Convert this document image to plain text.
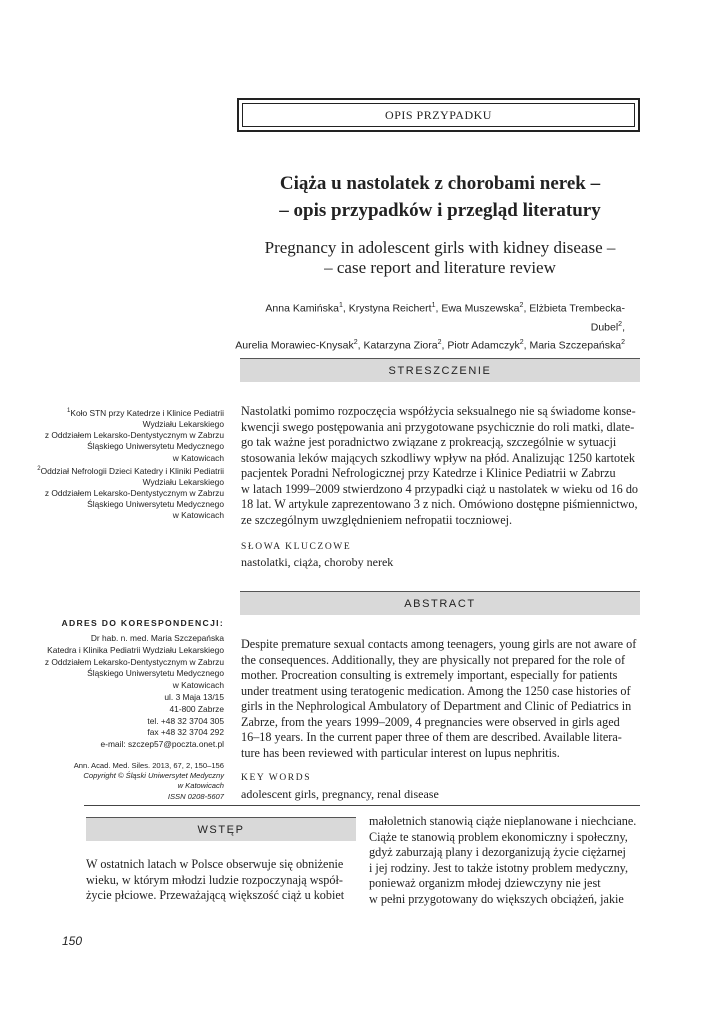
OPIS PRZYPADKU
Ciąża u nastolatek z chorobami nerek –
– opis przypadków i przegląd literatury
Pregnancy in adolescent girls with kidney disease –
– case report and literature review
Anna Kamińska$^1$, Krystyna Reichert$^1$, Ewa Muszewska$^2$, Elżbieta Trembecka-Dubel$^2$,
Aurelia Morawiec-Knysak$^2$, Katarzyna Ziora$^2$, Piotr Adamczyk$^2$, Maria Szczepańska$^2$
STRESZCZENIE
Nastolatki pomimo rozpoczęcia współżycia seksualnego nie są świadome konse-
kwencji swego postępowania ani przygotowane psychicznie do roli matki, dlate-
go tak ważne jest poradnictwo związane z prokreacją, szczególnie w sytuacji
stosowania leków mających szkodliwy wpływ na płód. Analizując 1250 kartotek
pacjentek Poradni Nefrologicznej przy Katedrze i Klinice Pediatrii w Zabrzu
w latach 1999–2009 stwierdzono 4 przypadki ciąż u nastolatek w wieku od 16 do
18 lat. W artykule zaprezentowano 3 z nich. Omówiono dostępne piśmiennictwo,
ze szczególnym uwzględnieniem nefropatii toczniowej.
SŁOWA KLUCZOWE
nastolatki, ciąża, choroby nerek
ABSTRACT
Despite premature sexual contacts among teenagers, young girls are not aware of
the consequences. Additionally, they are physically not prepared for the role of
mother. Procreation consulting is extremely important, especially for patients
under treatment using teratogenic medication. Among the 1250 case histories of
girls in the Nephrological Ambulatory of Department and Clinic of Pediatrics in
Zabrze, from the years 1999–2009, 4 pregnancies were observed in girls aged
16–18 years. In the current paper three of them are described. Available litera-
ture has been reviewed with particular interest on lupus nephritis.
KEY WORDS
adolescent girls, pregnancy, renal disease
$^1$Koło STN przy Katedrze i Klinice Pediatrii
Wydziału Lekarskiego
z Oddziałem Lekarsko-Dentystycznym w Zabrzu
Śląskiego Uniwersytetu Medycznego
w Katowicach
$^2$Oddział Nefrologii Dzieci Katedry i Kliniki Pediatrii
Wydziału Lekarskiego
z Oddziałem Lekarsko-Dentystycznym w Zabrzu
Śląskiego Uniwersytetu Medycznego
w Katowicach
ADRES DO KORESPONDENCJI:
Dr hab. n. med. Maria Szczepańska
Katedra i Klinika Pediatrii Wydziału Lekarskiego
z Oddziałem Lekarsko-Dentystycznym w Zabrzu
Śląskiego Uniwersytetu Medycznego
w Katowicach
ul. 3 Maja 13/15
41-800 Zabrze
tel. +48 32 3704 305
fax +48 32 3704 292
e-mail: szczep57@poczta.onet.pl
Ann. Acad. Med. Siles. 2013, 67, 2, 150–156
Copyright © Śląski Uniwersytet Medyczny
w Katowicach
ISSN 0208-5607
WSTĘP
W ostatnich latach w Polsce obserwuje się obniżenie
wieku, w którym młodzi ludzie rozpoczynają współ-
życie płciowe. Przeważającą większość ciąż u kobiet
małoletnich stanowią ciąże nieplanowane i niechciane.
Ciąże te stanowią problem ekonomiczny i społeczny,
gdyż zaburzają plany i dezorganizują życie ciężarnej
i jej rodziny. Jest to także istotny problem medyczny,
ponieważ organizm młodej dziewczyny nie jest
w pełni przygotowany do większych obciążeń, jakie
150
